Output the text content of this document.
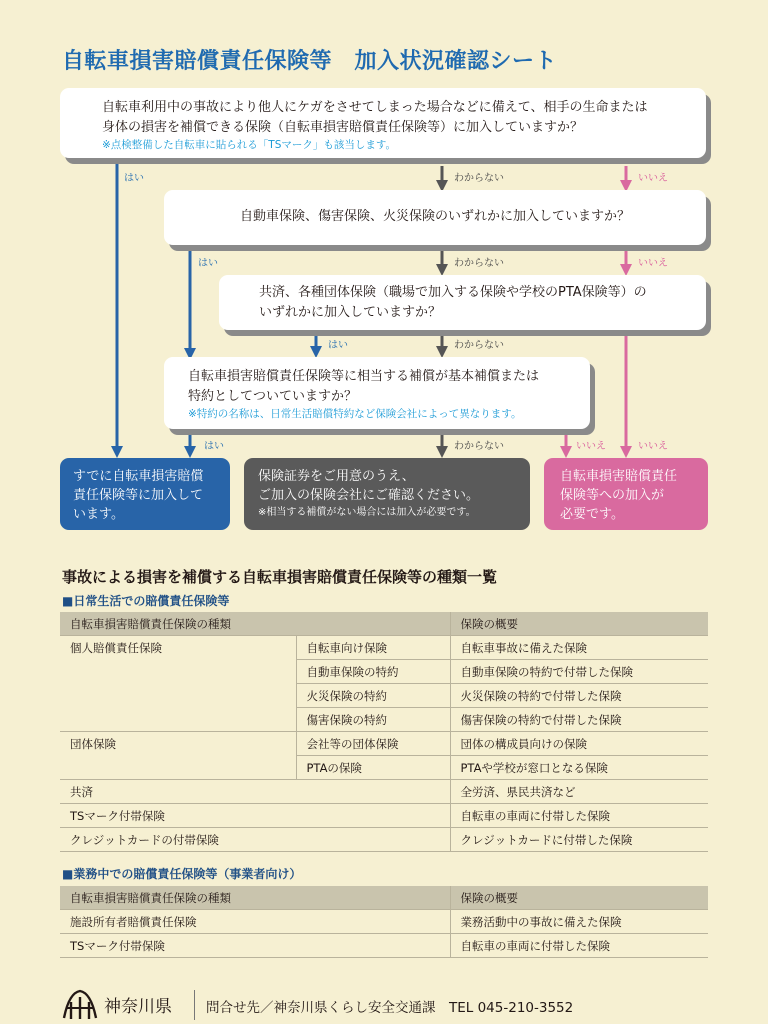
自転車損害賠償責任保険等　加入状況確認シート
自転車利用中の事故により他人にケガをさせてしまった場合などに備えて、相手の生命または
身体の損害を補償できる保険（自転車損害賠償責任保険等）に加入していますか？
※点検整備した自転車に貼られる「TSマーク」も該当します。
自動車保険、傷害保険、火災保険のいずれかに加入していますか？
共済、各種団体保険（職場で加入する保険や学校のPTA保険等）の
いずれかに加入していますか？
自転車損害賠償責任保険等に相当する補償が基本補償または
特約としてついていますか？
※特約の名称は、日常生活賠償特約など保険会社によって異なります。
はい	わからない	いいえ
はい	わからない	いいえ
はい	わからない
はい	わからない	いいえ	いいえ
すでに自転車損害賠償
責任保険等に加入して
います。
保険証券をご用意のうえ、
ご加入の保険会社にご確認ください。
※相当する補償がない場合には加入が必要です。
自転車損害賠償責任
保険等への加入が
必要です。
事故による損害を補償する自転車損害賠償責任保険等の種類一覧
■日常生活での賠償責任保険等
自転車損害賠償責任保険の種類		保険の概要
個人賠償責任保険	自転車向け保険	自転車事故に備えた保険
	自動車保険の特約	自動車保険の特約で付帯した保険
	火災保険の特約	火災保険の特約で付帯した保険
	傷害保険の特約	傷害保険の特約で付帯した保険
団体保険	会社等の団体保険	団体の構成員向けの保険
	PTAの保険	PTAや学校が窓口となる保険
共済		全労済、県民共済など
TSマーク付帯保険		自転車の車両に付帯した保険
クレジットカードの付帯保険		クレジットカードに付帯した保険
■業務中での賠償責任保険等（事業者向け）
自転車損害賠償責任保険の種類	保険の概要
施設所有者賠償責任保険	業務活動中の事故に備えた保険
TSマーク付帯保険	自転車の車両に付帯した保険
神奈川県	問合せ先／神奈川県くらし安全交通課　TEL 045-210-3552
